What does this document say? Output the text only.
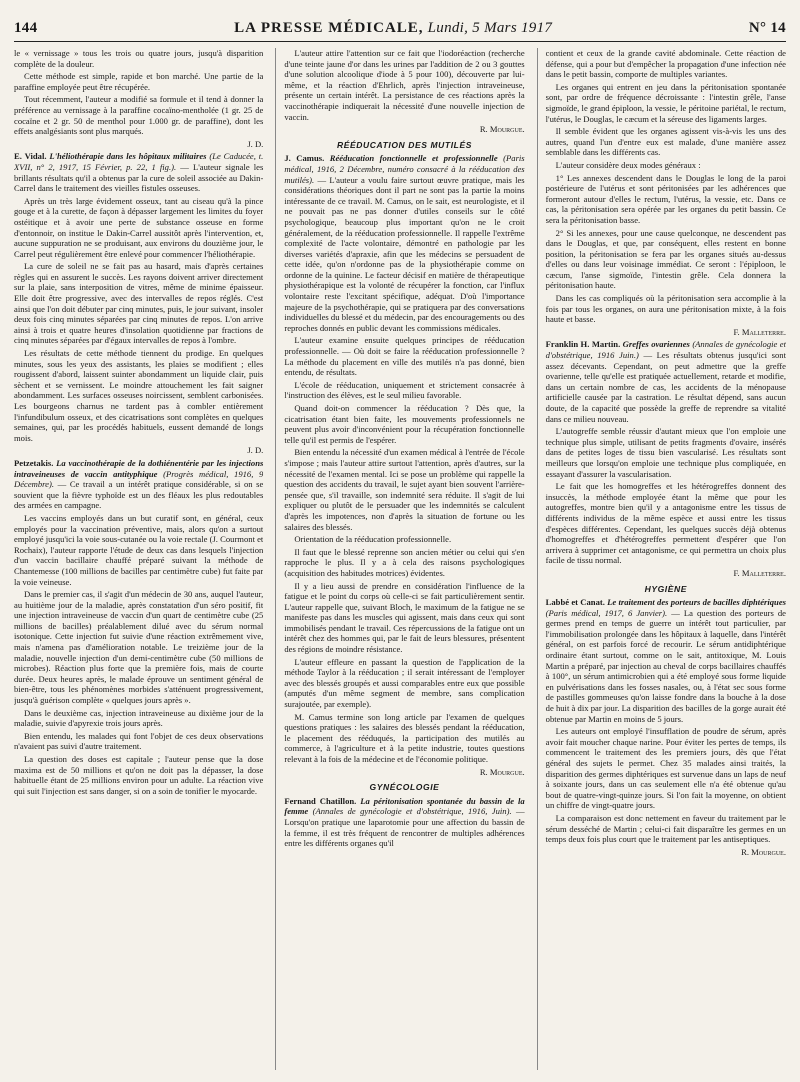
144	LA PRESSE MÉDICALE, Lundi, 5 Mars 1917	N° 14

le « vernissage » tous les trois ou quatre jours, jusqu'à disparition complète de la douleur.

Cette méthode est simple, rapide et bon marché. Une partie de la paraffine employée peut être récupérée.

Tout récemment, l'auteur a modifié sa formule et il tend à donner la préférence au vernissage à la paraffine cocaïno-mentholée (1 gr. 25 de cocaïne et 2 gr. 50 de menthol pour 1.000 gr. de paraffine), dont les effets analgésiants sont plus marqués.

J. D.

E. Vidal. L'héliothérapie dans les hôpitaux militaires (Le Caducée, t. XVII, n° 2, 1917, 15 Février, p. 22, 1 fig.). — L'auteur signale les brillants résultats qu'il a obtenus par la cure de soleil associée au Dakin-Carrel dans le traitement des vieilles fistules osseuses.

Après un très large évidement osseux, tant au ciseau qu'à la pince gouge et à la curette, de façon à dépasser largement les limites du foyer ostéitique et à avoir une perte de substance osseuse en forme d'entonnoir, on institue le Dakin-Carrel aussitôt après l'intervention, et, aucune suppuration ne se produisant, aux environs du douzième jour, le Carrel peut régulièrement être enlevé pour commencer l'héliothérapie.

La cure de soleil ne se fait pas au hasard, mais d'après certaines règles qui en assurent le succès. Les rayons doivent arriver directement sur la plaie, sans interposition de vitres, même de minime épaisseur. Elle doit être progressive, avec des intervalles de repos réglés. C'est ainsi que l'on doit débuter par cinq minutes, puis, le jour suivant, insoler deux fois cinq minutes séparées par cinq minutes de repos. L'on arrive ainsi à trois et quatre heures d'insolation quotidienne par fractions de cinq minutes séparées par d'égaux intervalles de repos à l'ombre.

Les résultats de cette méthode tiennent du prodige. En quelques minutes, sous les yeux des assistants, les plaies se modifient ; elles rougissent d'abord, laissent suinter abondamment un liquide clair, puis sèchent et se vernissent. Le moindre attouchement les fait saigner abondamment. Les surfaces osseuses noircissent, semblent carbonisées. Les bourgeons charnus ne tardent pas à combler entièrement l'infundibulum osseux, et des cicatrisations sont complètes en quelques semaines, qui, par les procédés habituels, eussent demandé de longs mois.

J. D.

Petzetakis. La vaccinothérapie de la dothiénentérie par les injections intraveineuses de vaccin antityphique (Progrès médical, 1916, 9 Décembre). — Ce travail a un intérêt pratique considérable, si on se souvient que la fièvre typhoïde est un des fléaux les plus redoutables des armées en campagne.

Les vaccins employés dans un but curatif sont, en général, ceux employés pour la vaccination préventive, mais, alors qu'on a surtout employé jusqu'ici la voie sous-cutanée ou la voie rectale (J. Courmont et Rochaix), l'auteur rapporte l'étude de deux cas dans lesquels l'injection d'un vaccin bacillaire chauffé préparé suivant la méthode de Chantemesse (100 millions de bacilles par centimètre cube) fut faite par la voie veineuse.

Dans le premier cas, il s'agit d'un médecin de 30 ans, auquel l'auteur, au huitième jour de la maladie, après constatation d'un séro positif, fit une injection intraveineuse de vaccin d'un quart de centimètre cube (25 millions de bacilles) préalablement dilué avec du sérum normal isotonique. Cette injection fut suivie d'une réaction extrêmement vive, mais n'amena pas d'amélioration notable. Le treizième jour de la maladie, nouvelle injection d'un demi-centimètre cube (50 millions de microbes). Réaction plus forte que la première fois, mais de courte durée. Deux heures après, le malade éprouve un sentiment général de bien-être, tous les phénomènes morbides s'atténuent progressivement, jusqu'à guérison complète « quelques jours après ».

Dans le deuxième cas, injection intraveineuse au dixième jour de la maladie, suivie d'apyrexie trois jours après.

Bien entendu, les malades qui font l'objet de ces deux observations n'avaient pas suivi d'autre traitement.

La question des doses est capitale ; l'auteur pense que la dose maxima est de 50 millions et qu'on ne doit pas la dépasser, la dose habituelle étant de 25 millions environ pour un adulte. La réaction vive qui suit l'injection est sans danger, si on a soin de tonifier le myocarde.

L'auteur attire l'attention sur ce fait que l'iodoréaction (recherche d'une teinte jaune d'or dans les urines par l'addition de 2 ou 3 gouttes d'une solution alcoolique d'iode à 5 pour 100), découverte par lui-même, et la réaction d'Ehrlich, après l'injection intraveineuse, présente un certain intérêt. La persistance de ces réactions après la vaccinothérapie indiquerait la nécessité d'une nouvelle injection de vaccin.

R. Mourgue.

RÉÉDUCATION DES MUTILÉS

J. Camus. Rééducation fonctionnelle et professionnelle (Paris médical, 1916, 2 Décembre, numéro consacré à la rééducation des mutilés). — L'auteur a voulu faire surtout œuvre pratique, mais les considérations théoriques dont il part ne sont pas la partie la moins intéressante de ce travail. M. Camus, on le sait, est neurologiste, et il ne pouvait pas ne pas donner d'utiles conseils sur le côté psychologique, beaucoup plus important qu'on ne le croit généralement, de la rééducation professionnelle. Il rappelle l'extrême complexité de l'acte volontaire, démontré en pathologie par les diverses variétés d'apraxie, afin que les médecins se persuadent de cette idée, qu'on n'ordonne pas de la physiothérapie comme on ordonne de la quinine. Le facteur décisif en matière de thérapeutique physiothérapique est la volonté de récupérer la fonction, car l'influx volontaire reste l'excitant spécifique, adéquat. D'où l'importance majeure de la psychothérapie, qui se pratiquera par des conversations individuelles du blessé et du médecin, par des encouragements ou des reproches donnés en public devant les commissions médicales.

L'auteur examine ensuite quelques principes de rééducation professionnelle. — Où doit se faire la rééducation professionnelle ? La méthode du placement en ville des mutilés n'a pas donné, bien entendu, de résultats.

L'école de rééducation, uniquement et strictement consacrée à l'instruction des élèves, est le seul milieu favorable.

Quand doit-on commencer la rééducation ? Dès que, la cicatrisation étant bien faite, les mouvements professionnels ne peuvent plus avoir d'inconvénient pour la récupération fonctionnelle telle qu'il est permis de l'espérer.

Bien entendu la nécessité d'un examen médical à l'entrée de l'école s'impose ; mais l'auteur attire surtout l'attention, après d'autres, sur la nécessité de l'examen mental. Ici se pose un problème qui rappelle la question des accidents du travail, le sujet ayant bien souvent l'arrière-pensée que, s'il travaille, son indemnité sera réduite. Il s'agit de lui expliquer ou plutôt de le persuader que les indemnités se calculent d'après les impotences, non d'après la situation de fortune ou les salaires des blessés.

Orientation de la rééducation professionnelle.

Il faut que le blessé reprenne son ancien métier ou celui qui s'en rapproche le plus. Il y a à cela des raisons psychologiques (acquisition des habitudes motrices) évidentes.

Il y a lieu aussi de prendre en considération l'influence de la fatigue et le point du corps où celle-ci se fait particulièrement sentir. L'auteur rappelle que, suivant Bloch, le maximum de la fatigue ne se manifeste pas dans les muscles qui agissent, mais dans ceux qui sont immobilisés pendant le travail. Ces répercussions de la fatigue ont un intérêt chez des hommes qui, par le fait de leurs blessures, présentent des régions de moindre résistance.

L'auteur effleure en passant la question de l'application de la méthode Taylor à la rééducation ; il serait intéressant de l'employer avec des blessés groupés et aussi comparables entre eux que possible (amputés d'un même segment de membre, sans complication surajoutée, par exemple).

M. Camus termine son long article par l'examen de quelques questions pratiques : les salaires des blessés pendant la rééducation, le placement des rééduqués, la participation des mutilés au commerce, à l'agriculture et à la petite industrie, toutes questions relevant à la fois de la médecine et de l'économie politique.

R. Mourgue.

GYNÉCOLOGIE

Fernand Chatillon. La péritonisation spontanée du bassin de la femme (Annales de gynécologie et d'obstétrique, 1916, Juin). — Lorsqu'on pratique une laparotomie pour une affection du bassin de la femme, il est très fréquent de rencontrer de multiples adhérences entre les différents organes qu'il

contient et ceux de la grande cavité abdominale. Cette réaction de défense, qui a pour but d'empêcher la propagation d'une infection née dans le petit bassin, comporte de multiples variantes.

Les organes qui entrent en jeu dans la péritonisation spontanée sont, par ordre de fréquence décroissante : l'intestin grêle, l'anse sigmoïde, le grand épiploon, la vessie, le péritoine pariétal, le rectum, l'utérus, le Douglas, le cæcum et la séreuse des ligaments larges.

Il semble évident que les organes agissent vis-à-vis les uns des autres, quand l'un d'entre eux est malade, d'une manière assez semblable dans les différents cas.

L'auteur considère deux modes généraux :

1° Les annexes descendent dans le Douglas le long de la paroi postérieure de l'utérus et sont péritonisées par les adhérences que formeront autour d'elles le rectum, l'utérus, la vessie, etc. Dans ce cas, la péritonisation sera opérée par les organes du petit bassin. Ce sera la péritonisation basse.

2° Si les annexes, pour une cause quelconque, ne descendent pas dans le Douglas, et que, par conséquent, elles restent en bonne position, la péritonisation se fera par les organes situés au-dessus d'elles ou dans leur voisinage immédiat. Ce seront : l'épiploon, le cæcum, l'anse sigmoïde, l'intestin grêle. Cela donnera la péritonisation haute.

Dans les cas compliqués où la péritonisation sera accomplie à la fois par tous les organes, on aura une péritonisation mixte, à la fois haute et basse.

F. Malleterre.

Franklin H. Martin. Greffes ovariennes (Annales de gynécologie et d'obstétrique, 1916 Juin.) — Les résultats obtenus jusqu'ici sont assez décevants. Cependant, on peut admettre que la greffe ovarienne, telle qu'elle est pratiquée actuellement, retarde et modifie, dans un certain nombre de cas, les accidents de la ménopause artificielle causée par la castration. Le résultat dépend, sans aucun doute, de la capacité que possède la greffe de reprendre sa vitalité dans ce milieu nouveau.

L'autogreffe semble réussir d'autant mieux que l'on emploie une technique plus simple, utilisant de petits fragments d'ovaire, insérés dans de petites loges de tissu bien vascularisé. Les résultats sont meilleurs que lorsqu'on emploie une technique plus compliquée, en essayant d'assurer la vascularisation.

Le fait que les homogreffes et les hétérogreffes donnent des insuccès, la méthode employée étant la même que pour les autogreffes, montre bien qu'il y a antagonisme entre les tissus de différents individus de la même espèce et aussi entre les tissus d'espèces différentes. Cependant, les quelques succès déjà obtenus d'homogreffes et d'hétérogreffes permettent d'espérer que l'on arrivera à supprimer cet antagonisme, ce qui permettra un choix plus facile de tissu normal.

F. Malleterre.

HYGIÈNE

Labbé et Canat. Le traitement des porteurs de bacilles diphtériques (Paris médical, 1917, 6 Janvier). — La question des porteurs de germes prend en temps de guerre un intérêt tout particulier, par l'immobilisation prolongée dans les hôpitaux à laquelle, dans l'intérêt général, on est parfois forcé de recourir. Le sérum antidiphtérique ordinaire étant surtout, comme on le sait, antitoxique, M. Louis Martin a préparé, par injection au cheval de corps bacillaires chauffés à 100°, un sérum antimicrobien qui a été employé sous forme liquide en pulvérisations dans les fosses nasales, ou, à l'état sec sous forme de pastilles gommeuses qu'on laisse fondre dans la bouche à la dose de huit à dix par jour. La disparition des bacilles de la gorge aurait été obtenue par Martin en moins de 5 jours.

Les auteurs ont employé l'insufflation de poudre de sérum, après avoir fait moucher chaque narine. Pour éviter les pertes de temps, ils commencent le traitement des les premiers jours, dès que l'état général des sujets le permet. Chez 35 malades ainsi traités, la disparition des germes diphtériques est survenue dans un laps de neuf à soixante jours, dans un cas seulement elle n'a été obtenue qu'au bout de quatre-vingt-quinze jours. Si l'on fait la moyenne, on obtient un chiffre de vingt-quatre jours.

La comparaison est donc nettement en faveur du traitement par le sérum desséché de Martin ; celui-ci fait disparaître les germes en un temps deux fois plus court que le traitement par les antiseptiques.

R. Mourgue.
